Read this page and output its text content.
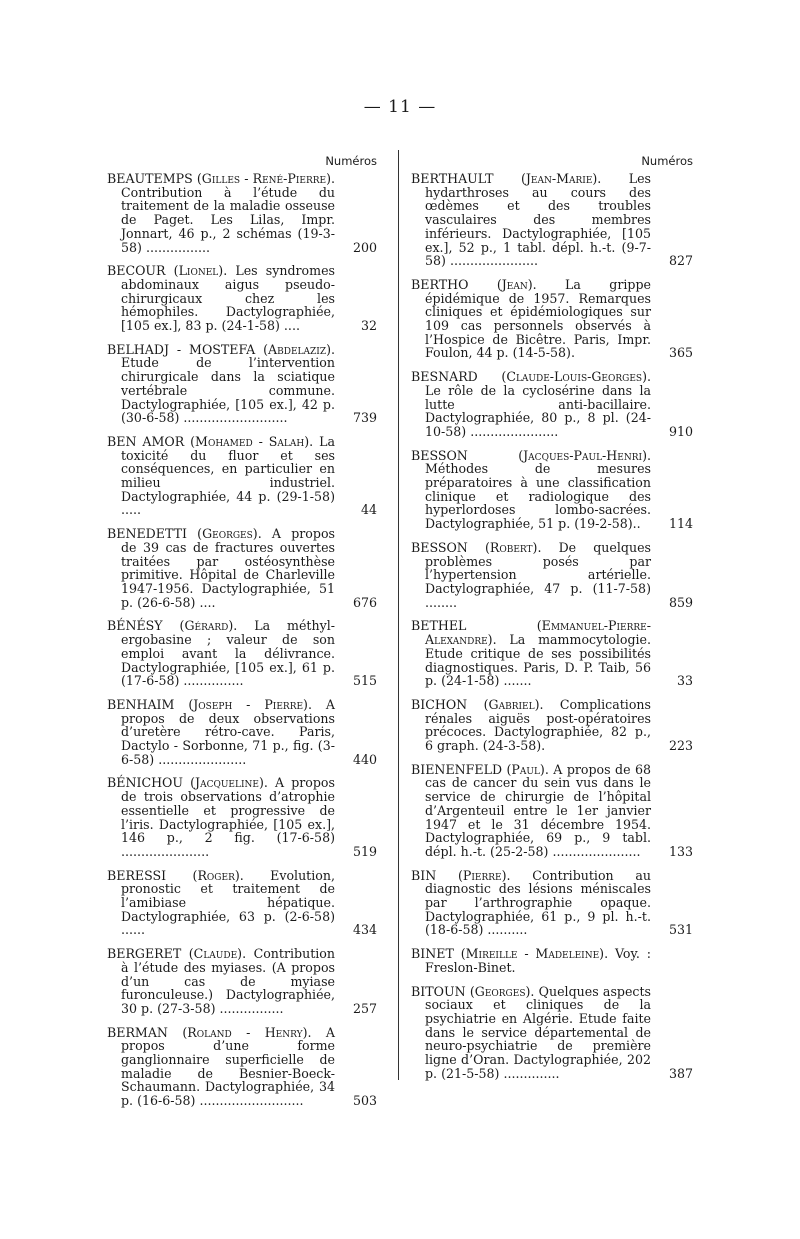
— 11 —
Numéros
BEAUTEMPS (Gilles - René-Pierre). Contribution à l’étude du traitement de la maladie osseuse de Paget. Les Lilas, Impr. Jonnart, 46 p., 2 schémas (19-3-58) ................	200
BECOUR (Lionel). Les syndromes abdominaux aigus pseudo-chirurgicaux chez les hémophiles. Dactylographiée, [105 ex.], 83 p. (24-1-58) ....	32
BELHADJ - MOSTEFA (Abdelaziz). Etude de l’intervention chirurgicale dans la sciatique vertébrale commune. Dactylographiée, [105 ex.], 42 p. (30-6-58) ..........................	739
BEN AMOR (Mohamed - Salah). La toxicité du fluor et ses conséquences, en particulier en milieu industriel. Dactylographiée, 44 p. (29-1-58) .....	44
BENEDETTI (Georges). A propos de 39 cas de fractures ouvertes traitées par ostéosynthèse primitive. Hôpital de Charleville 1947-1956. Dactylographiée, 51 p. (26-6-58) ....	676
BÉNÉSY (Gérard). La méthyl-ergobasine ; valeur de son emploi avant la délivrance. Dactylographiée, [105 ex.], 61 p. (17-6-58) ...............	515
BENHAIM (Joseph - Pierre). A propos de deux observations d’uretère rétro-cave. Paris, Dactylo - Sorbonne, 71 p., fig. (3-6-58) ......................	440
BÉNICHOU (Jacqueline). A propos de trois observations d’atrophie essentielle et progressive de l’iris. Dactylographiée, [105 ex.], 146 p., 2 fig. (17-6-58) ......................	519
BERESSI (Roger). Evolution, pronostic et traitement de l’amibiase hépatique. Dactylographiée, 63 p. (2-6-58) ......	434
BERGERET (Claude). Contribution à l’étude des myiases. (A propos d’un cas de myiase furonculeuse.) Dactylographiée, 30 p. (27-3-58) ................	257
BERMAN (Roland - Henry). A propos d’une forme ganglionnaire superficielle de maladie de Besnier-Boeck-Schaumann. Dactylographiée, 34 p. (16-6-58) ..........................	503
Numéros
BERTHAULT (Jean-Marie). Les hydarthroses au cours des œdèmes et des troubles vasculaires des membres inférieurs. Dactylographiée, [105 ex.], 52 p., 1 tabl. dépl. h.-t. (9-7-58) ......................	827
BERTHO (Jean). La grippe épidémique de 1957. Remarques cliniques et épidémiologiques sur 109 cas personnels observés à l’Hospice de Bicêtre. Paris, Impr. Foulon, 44 p. (14-5-58).	365
BESNARD (Claude-Louis-Georges). Le rôle de la cyclosérine dans la lutte anti-bacillaire. Dactylographiée, 80 p., 8 pl. (24-10-58) ......................	910
BESSON	(Jacques-Paul-Henri). Méthodes de mesures préparatoires à une classification clinique et radiologique des hyperlordoses lombo-sacrées. Dactylographiée, 51 p. (19-2-58)..	114
BESSON (Robert). De quelques problèmes posés par l’hypertension artérielle. Dactylographiée, 47 p. (11-7-58) ........	859
BETHEL	(Emmanuel-Pierre-Alexandre). La mammocytologie. Etude critique de ses possibilités diagnostiques. Paris, D. P. Taib, 56 p. (24-1-58) .......	33
BICHON (Gabriel). Complications rénales aiguës post-opératoires précoces. Dactylographiée, 82 p., 6 graph. (24-3-58).	223
BIENENFELD (Paul). A propos de 68 cas de cancer du sein vus dans le service de chirurgie de l’hôpital d’Argenteuil entre le 1er janvier 1947 et le 31 décembre 1954. Dactylographiée, 69 p., 9 tabl. dépl. h.-t. (25-2-58) ......................	133
BIN (Pierre). Contribution au diagnostic des lésions méniscales par l’arthrographie opaque. Dactylographiée, 61 p., 9 pl. h.-t. (18-6-58) ..........	531
BINET (Mireille - Madeleine). Voy. : Freslon-Binet.
BITOUN (Georges). Quelques aspects sociaux et cliniques de la psychiatrie en Algérie. Etude faite dans le service départemental de neuro-psychiatrie de première ligne d’Oran. Dactylographiée, 202 p. (21-5-58) ..............	387
